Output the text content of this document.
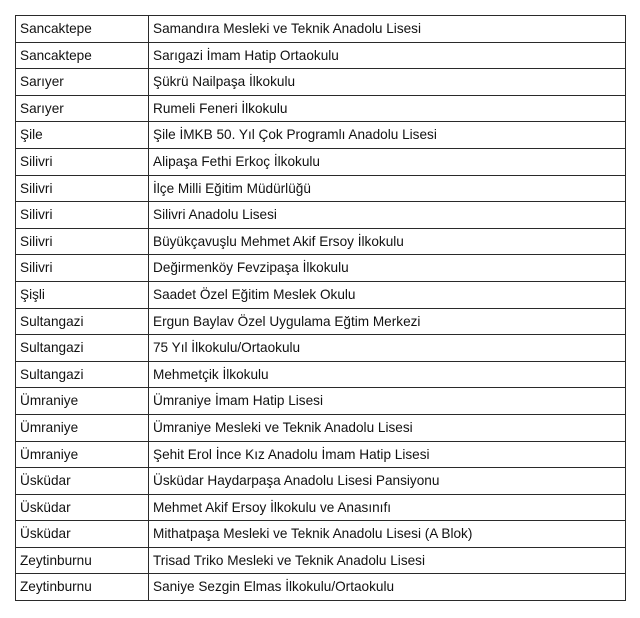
Sancaktepe	Samandıra Mesleki ve Teknik Anadolu Lisesi
Sancaktepe	Sarıgazi İmam Hatip Ortaokulu
Sarıyer	Şükrü Nailpaşa İlkokulu
Sarıyer	Rumeli Feneri İlkokulu
Şile	Şile İMKB 50. Yıl Çok Programlı Anadolu Lisesi
Silivri	Alipaşa Fethi Erkoç İlkokulu
Silivri	İlçe Milli Eğitim Müdürlüğü
Silivri	Silivri Anadolu Lisesi
Silivri	Büyükçavuşlu Mehmet Akif Ersoy İlkokulu
Silivri	Değirmenköy Fevzipaşa İlkokulu
Şişli	Saadet Özel Eğitim Meslek Okulu
Sultangazi	Ergun Baylav Özel Uygulama Eğtim Merkezi
Sultangazi	75 Yıl İlkokulu/Ortaokulu
Sultangazi	Mehmetçik İlkokulu
Ümraniye	Ümraniye İmam Hatip Lisesi
Ümraniye	Ümraniye Mesleki ve Teknik Anadolu Lisesi
Ümraniye	Şehit Erol İnce Kız Anadolu İmam Hatip Lisesi
Üsküdar	Üsküdar Haydarpaşa Anadolu Lisesi Pansiyonu
Üsküdar	Mehmet Akif Ersoy İlkokulu ve Anasınıfı
Üsküdar	Mithatpaşa Mesleki ve Teknik Anadolu Lisesi (A Blok)
Zeytinburnu	Trisad Triko Mesleki ve Teknik Anadolu Lisesi
Zeytinburnu	Saniye Sezgin Elmas İlkokulu/Ortaokulu
